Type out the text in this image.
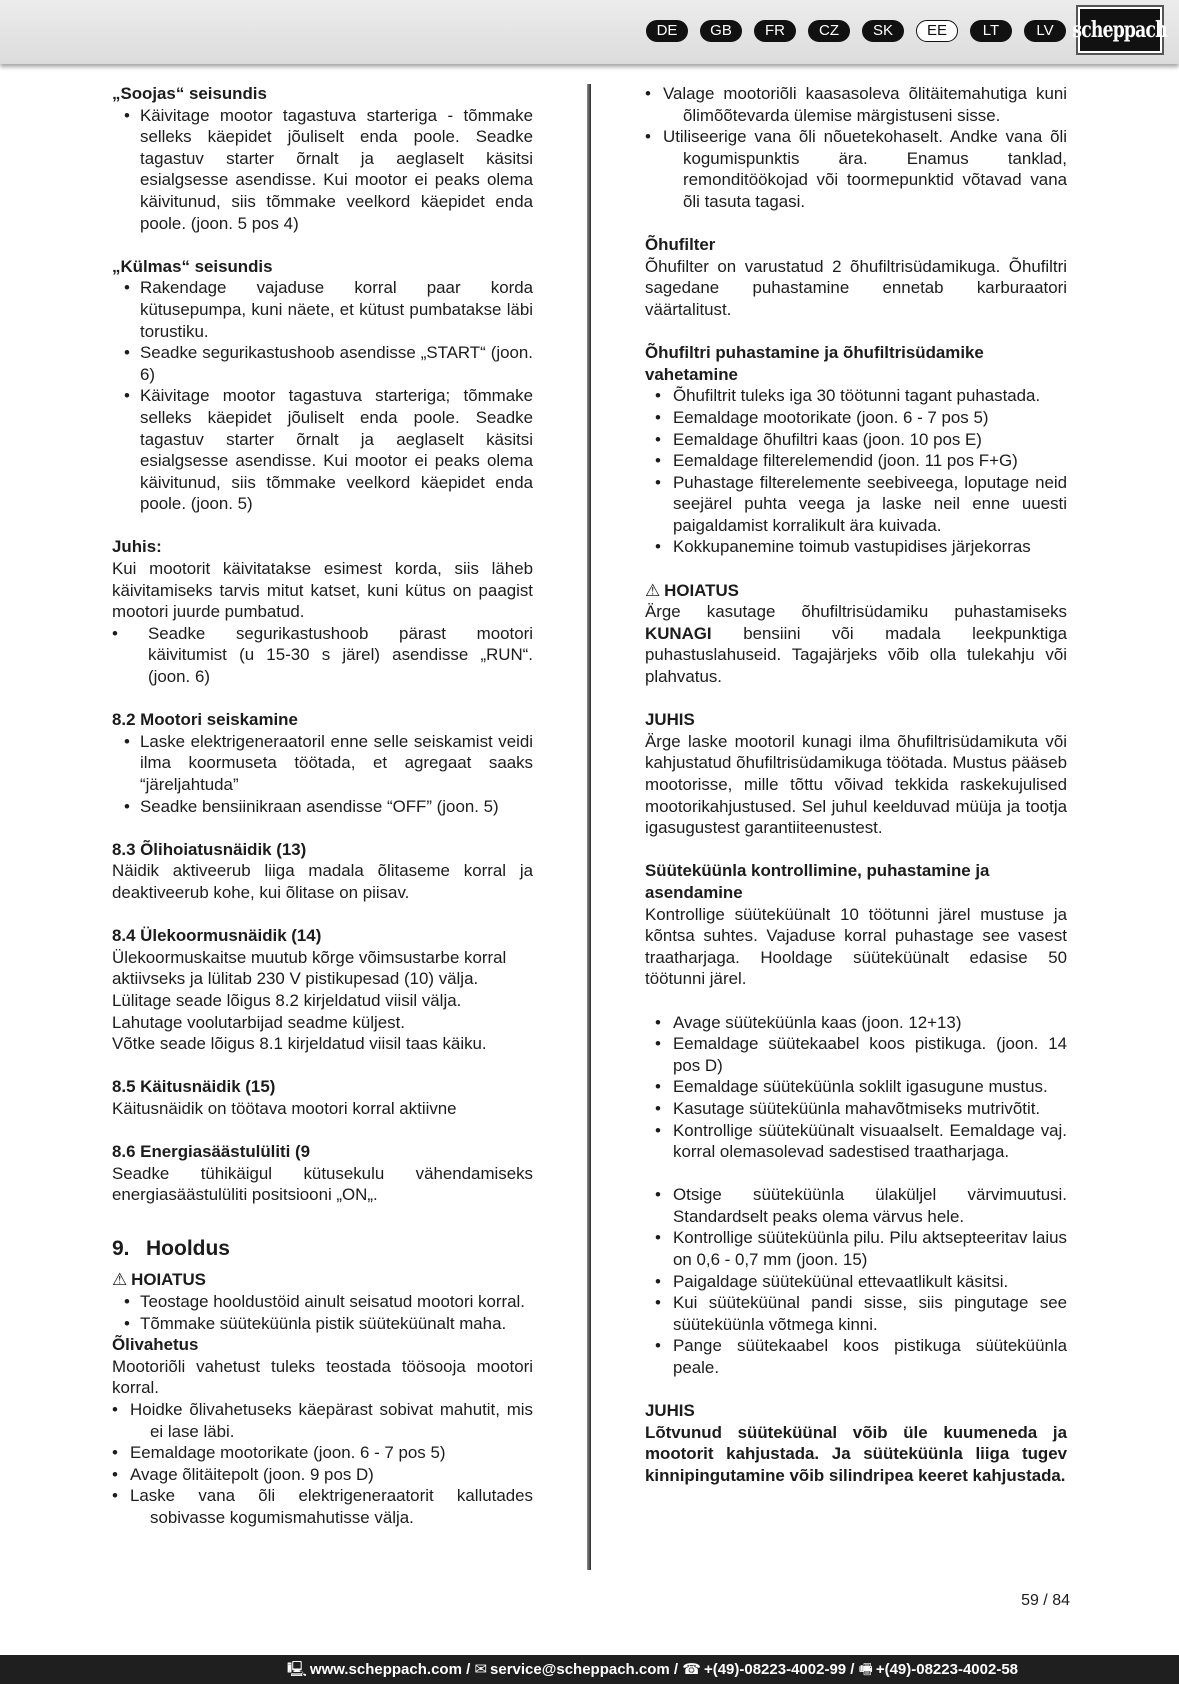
DE	GB	FR	CZ	SK	EE	LT	LV scheppach
„Soojas“ seisundis
• Käivitage mootor tagastuva starteriga - tõmmake selleks käepidet jõuliselt enda poole. Seadke tagastuv starter õrnalt ja aeglaselt käsitsi esialgsesse asendisse. Kui mootor ei peaks olema käivitunud, siis tõmmake veelkord käepidet enda poole. (joon. 5 pos 4)
„Külmas“ seisundis
• Rakendage vajaduse korral paar korda kütusepumpa, kuni näete, et kütust pumbatakse läbi torustiku.
• Seadke segurikastushoob asendisse „START“ (joon. 6)
• Käivitage mootor tagastuva starteriga; tõmmake selleks käepidet jõuliselt enda poole. Seadke tagastuv starter õrnalt ja aeglaselt käsitsi esialgsesse asendisse. Kui mootor ei peaks olema käivitunud, siis tõmmake veelkord käepidet enda poole. (joon. 5)
Juhis:
Kui mootorit käivitatakse esimest korda, siis läheb käivitamiseks tarvis mitut katset, kuni kütus on paagist mootori juurde pumbatud.
• Seadke segurikastushoob pärast mootori käivitumist (u 15-30 s järel) asendisse „RUN“. (joon. 6)
8.2 Mootori seiskamine
• Laske elektrigeneraatoril enne selle seiskamist veidi ilma koormuseta töötada, et agregaat saaks “järeljahtuda”
• Seadke bensiinikraan asendisse “OFF” (joon. 5)
8.3 Õlihoiatusnäidik (13)
Näidik aktiveerub liiga madala õlitaseme korral ja deaktiveerub kohe, kui õlitase on piisav.
8.4 Ülekoormusnäidik (14)
Ülekoormuskaitse muutub kõrge võimsustarbe korral aktiivseks ja lülitab 230 V pistikupesad (10) välja.
Lülitage seade lõigus 8.2 kirjeldatud viisil välja.
Lahutage voolutarbijad seadme küljest.
Võtke seade lõigus 8.1 kirjeldatud viisil taas käiku.
8.5 Käitusnäidik (15)
Käitusnäidik on töötava mootori korral aktiivne
8.6 Energiasäästulüliti (9
Seadke tühikäigul kütusekulu vähendamiseks energiasäästulüliti positsiooni „ON„.
9. Hooldus
⚠ HOIATUS
• Teostage hooldustöid ainult seisatud mootori korral.
• Tõmmake süüteküünla pistik süüteküünalt maha.
Õlivahetus
Mootoriõli vahetust tuleks teostada töösooja mootori korral.
• Hoidke õlivahetuseks käepärast sobivat mahutit, mis ei lase läbi.
• Eemaldage mootorikate (joon. 6 - 7 pos 5)
• Avage õlitäitepolt (joon. 9 pos D)
• Laske vana õli elektrigeneraatorit kallutades sobivasse kogumismahutisse välja.
• Valage mootoriõli kaasasoleva õlitäitemahutiga kuni õlimõõtevarda ülemise märgistuseni sisse.
• Utiliseerige vana õli nõuetekohaselt. Andke vana õli kogumispunktis ära. Enamus tanklad, remonditöökojad või toormepunktid võtavad vana õli tasuta tagasi.
Õhufilter
Õhufilter on varustatud 2 õhufiltrisüdamikuga. Õhufiltri sagedane puhastamine ennetab karburaatori väärtalitust.
Õhufiltri puhastamine ja õhufiltrisüdamike vahetamine
• Õhufiltrit tuleks iga 30 töötunni tagant puhastada.
• Eemaldage mootorikate (joon. 6 - 7 pos 5)
• Eemaldage õhufiltri kaas (joon. 10 pos E)
• Eemaldage filterelemendid (joon. 11 pos F+G)
• Puhastage filterelemente seebiveega, loputage neid seejärel puhta veega ja laske neil enne uuesti paigaldamist korralikult ära kuivada.
• Kokkupanemine toimub vastupidises järjekorras
⚠ HOIATUS
Ärge kasutage õhufiltrisüdamiku puhastamiseks KUNAGI bensiini või madala leekpunktiga puhastuslahuseid. Tagajärjeks võib olla tulekahju või plahvatus.
JUHIS
Ärge laske mootoril kunagi ilma õhufiltrisüdamikuta või kahjustatud õhufiltrisüdamikuga töötada. Mustus pääseb mootorisse, mille tõttu võivad tekkida raskekujulised mootorikahjustused. Sel juhul keelduvad müüja ja tootja igasugustest garantiiteenustest.
Süüteküünla kontrollimine, puhastamine ja asendamine
Kontrollige süüteküünalt 10 töötunni järel mustuse ja kõntsa suhtes. Vajaduse korral puhastage see vasest traatharjaga. Hooldage süüteküünalt edasise 50 töötunni järel.
• Avage süüteküünla kaas (joon. 12+13)
• Eemaldage süütekaabel koos pistikuga. (joon. 14 pos D)
• Eemaldage süüteküünla soklilt igasugune mustus.
• Kasutage süüteküünla mahavõtmiseks mutrivõtit.
• Kontrollige süüteküünalt visuaalselt. Eemaldage vaj. korral olemasolevad sadestised traatharjaga.
• Otsige süüteküünla ülaküljel värvimuutusi. Standardselt peaks olema värvus hele.
• Kontrollige süüteküünla pilu. Pilu aktsepteeritav laius on 0,6 - 0,7 mm (joon. 15)
• Paigaldage süüteküünal ettevaatlikult käsitsi.
• Kui süüteküünal pandi sisse, siis pingutage see süüteküünla võtmega kinni.
• Pange süütekaabel koos pistikuga süüteküünla peale.
JUHIS
Lõtvunud süüteküünal võib üle kuumeneda ja mootorit kahjustada. Ja süüteküünla liiga tugev kinnipingutamine võib silindripea keeret kahjustada.
59 / 84
🖳 www.scheppach.com / ✉ service@scheppach.com / ☎ +(49)-08223-4002-99 / 🖷 +(49)-08223-4002-58
